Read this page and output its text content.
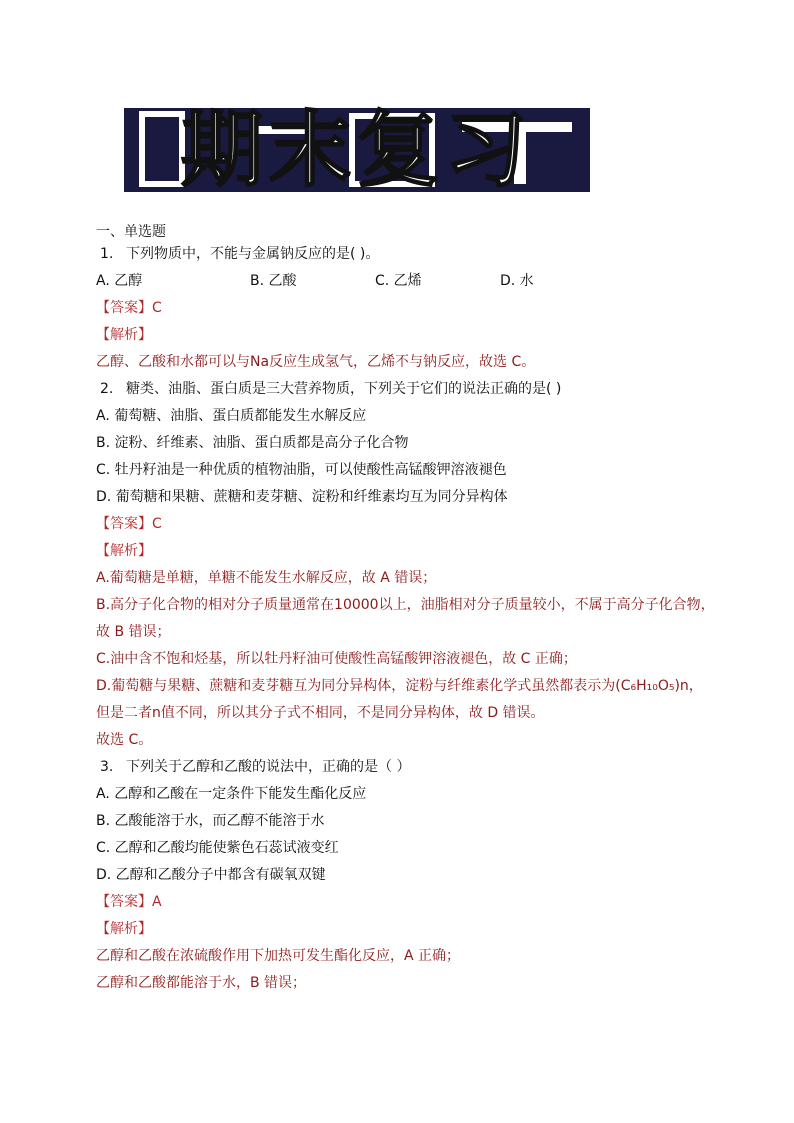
期末复习
一、单选题
1. 下列物质中，不能与金属钠反应的是( )。
A. 乙醇	B. 乙酸	C. 乙烯	D. 水
【答案】C
【解析】
乙醇、乙酸和水都可以与Na反应生成氢气，乙烯不与钠反应，故选 C。
2. 糖类、油脂、蛋白质是三大营养物质，下列关于它们的说法正确的是( )
A. 葡萄糖、油脂、蛋白质都能发生水解反应
B. 淀粉、纤维素、油脂、蛋白质都是高分子化合物
C. 牡丹籽油是一种优质的植物油脂，可以使酸性高锰酸钾溶液褪色
D. 葡萄糖和果糖、蔗糖和麦芽糖、淀粉和纤维素均互为同分异构体
【答案】C
【解析】
A.葡萄糖是单糖，单糖不能发生水解反应，故 A 错误；
B.高分子化合物的相对分子质量通常在10000以上，油脂相对分子质量较小，不属于高分子化合物，
故 B 错误；
C.油中含不饱和烃基，所以牡丹籽油可使酸性高锰酸钾溶液褪色，故 C 正确；
D.葡萄糖与果糖、蔗糖和麦芽糖互为同分异构体，淀粉与纤维素化学式虽然都表示为(C₆H₁₀O₅)n，
但是二者n值不同，所以其分子式不相同，不是同分异构体，故 D 错误。
故选 C。
3. 下列关于乙醇和乙酸的说法中，正确的是（ ）
A. 乙醇和乙酸在一定条件下能发生酯化反应
B. 乙酸能溶于水，而乙醇不能溶于水
C. 乙醇和乙酸均能使紫色石蕊试液变红
D. 乙醇和乙酸分子中都含有碳氧双键
【答案】A
【解析】
乙醇和乙酸在浓硫酸作用下加热可发生酯化反应，A 正确；
乙醇和乙酸都能溶于水，B 错误；
